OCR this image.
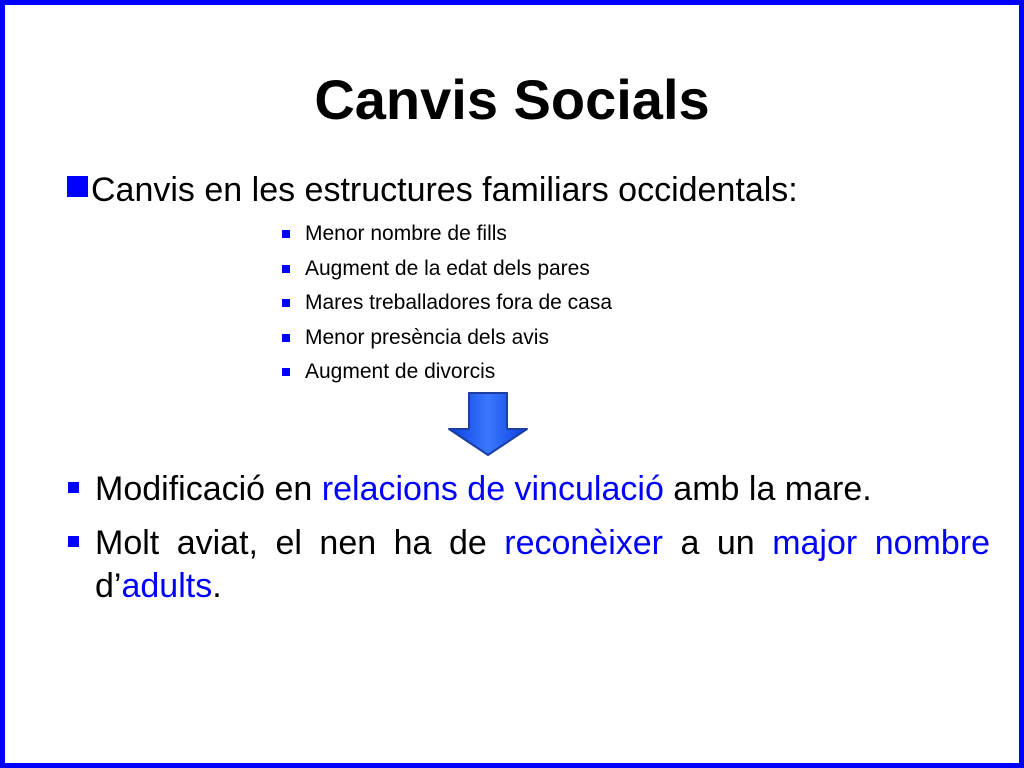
Canvis Socials
Canvis en les estructures familiars occidentals:
Menor nombre de fills
Augment de la edat dels pares
Mares treballadores fora de casa
Menor presència dels avis
Augment de divorcis
Modificació en relacions de vinculació amb la mare.
Molt aviat, el nen ha de reconèixer a un major nombre d’adults.
